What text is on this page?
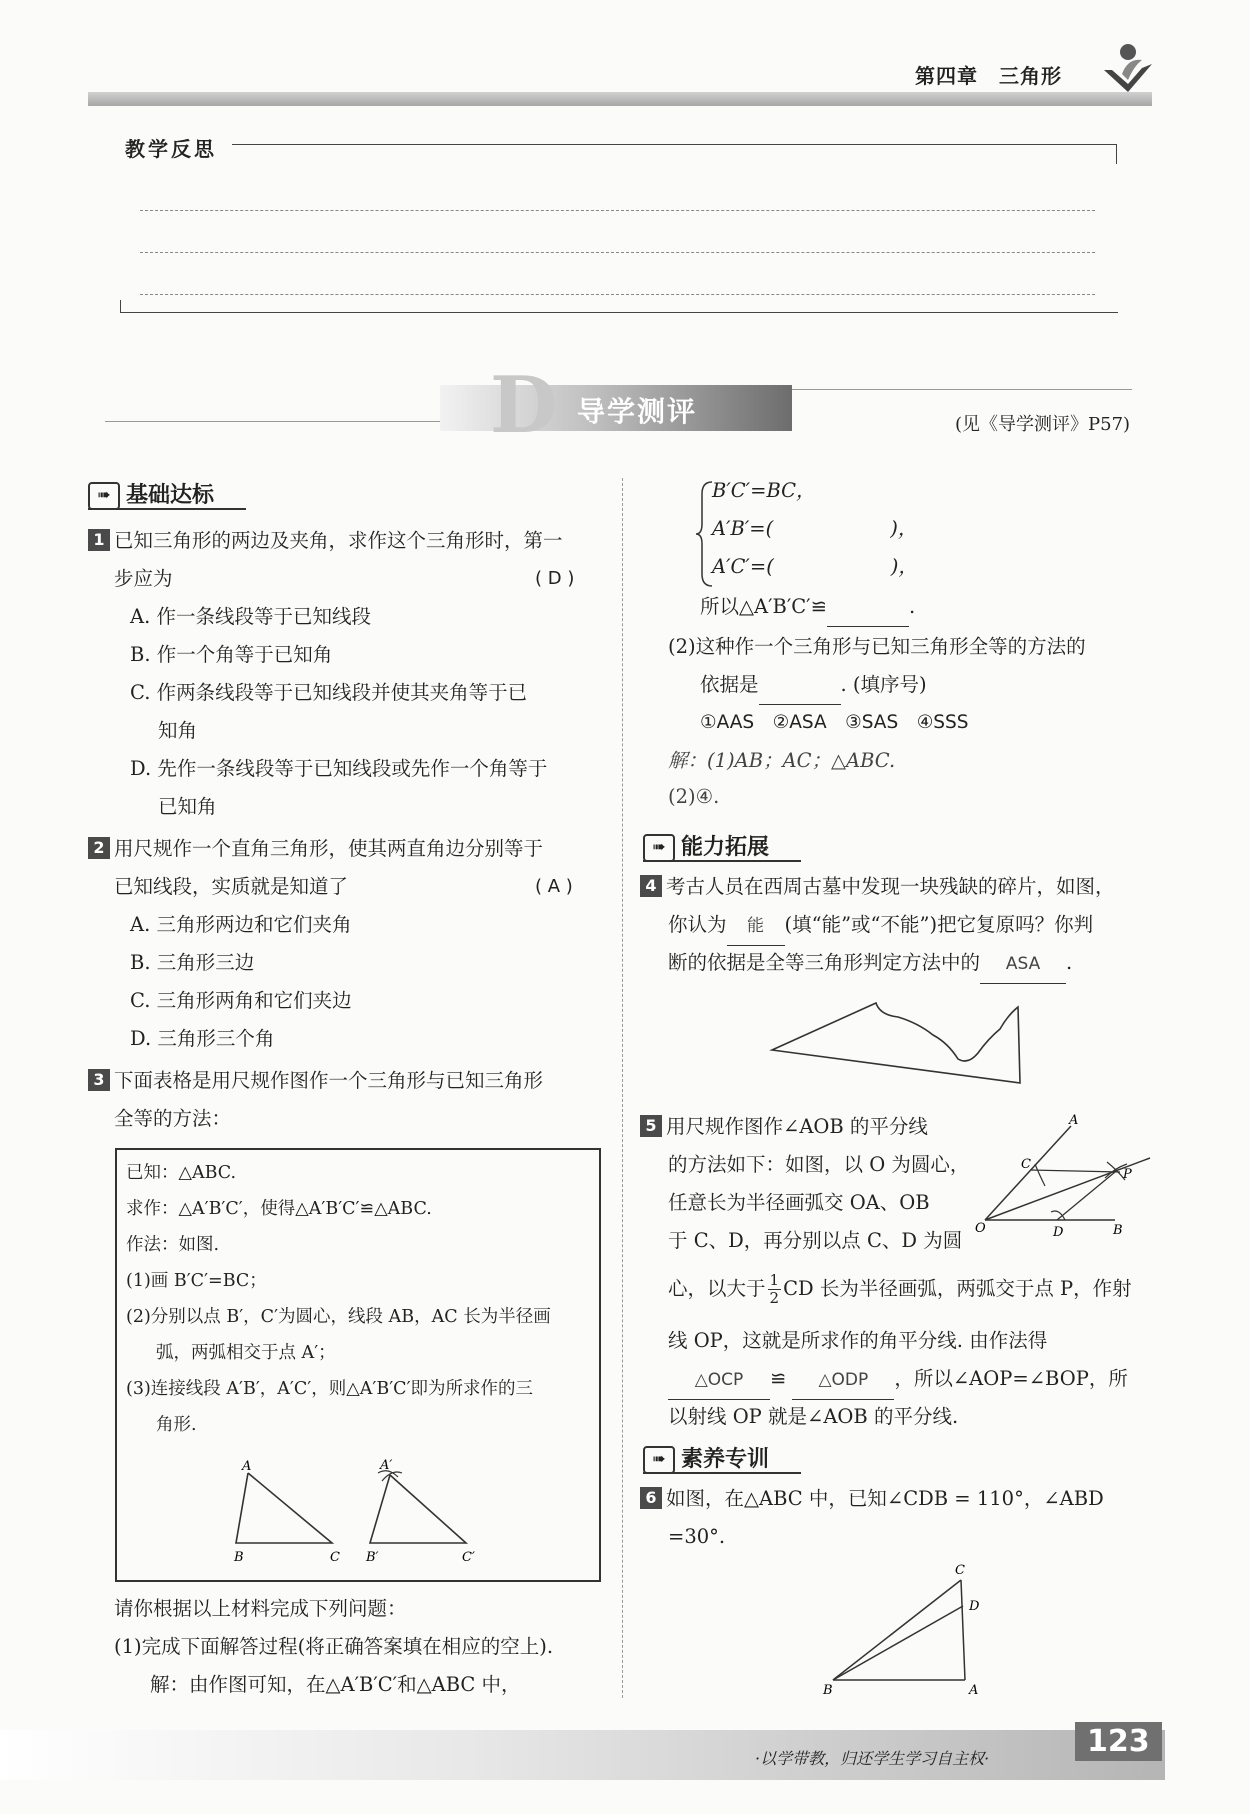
第四章　三角形
教学反思
D 导学测评	(见《导学测评》P57)
➠ 基础达标
1 已知三角形的两边及夹角，求作这个三角形时，第一
步应为	( D )
A. 作一条线段等于已知线段
B. 作一个角等于已知角
C. 作两条线段等于已知线段并使其夹角等于已
知角
D. 先作一条线段等于已知线段或先作一个角等于
已知角
2 用尺规作一个直角三角形，使其两直角边分别等于
已知线段，实质就是知道了	( A )
A. 三角形两边和它们夹角
B. 三角形三边
C. 三角形两角和它们夹边
D. 三角形三个角
3 下面表格是用尺规作图作一个三角形与已知三角形
全等的方法：
已知：△ABC.
求作：△A′B′C′，使得△A′B′C′≌△ABC.
作法：如图.
(1)画 B′C′=BC；
(2)分别以点 B′，C′为圆心，线段 AB，AC 长为半径画
弧，两弧相交于点 A′；
(3)连接线段 A′B′，A′C′，则△A′B′C′即为所求作的三
角形.
A
B	C
A′
B′	C′
请你根据以上材料完成下列问题：
(1)完成下面解答过程(将正确答案填在相应的空上).
解：由作图可知，在△A′B′C′和△ABC 中，
B′C′=BC，
A′B′=(　　　　　　)，
A′C′=(　　　　　　)，
所以△A′B′C′≌	.
(2)这种作一个三角形与已知三角形全等的方法的
依据是	. (填序号)
①AAS　②ASA　③SAS　④SSS
解：(1)AB；AC；△ABC.
(2)④.
➠ 能力拓展
4 考古人员在西周古墓中发现一块残缺的碎片，如图，
你认为 能 (填“能”或“不能”)把它复原吗？你判
断的依据是全等三角形判定方法中的 ASA .
5 用尺规作图作∠AOB 的平分线
的方法如下：如图，以 O 为圆心，
任意长为半径画弧交 OA、OB
于 C、D，再分别以点 C、D 为圆
心，以大于 $\frac{1}{2}$ CD 长为半径画弧，两弧交于点 P，作射
线 OP，这就是所求作的角平分线. 由作法得
△OCP ≌ △ODP ，所以∠AOP=∠BOP，所
以射线 OP 就是∠AOB 的平分线.
A
C
O	D	B
P
➠ 素养专训
6 如图，在△ABC 中，已知∠CDB = 110°，∠ABD
=30°.
C
D
B	A
·以学带教，归还学生学习自主权·	123
